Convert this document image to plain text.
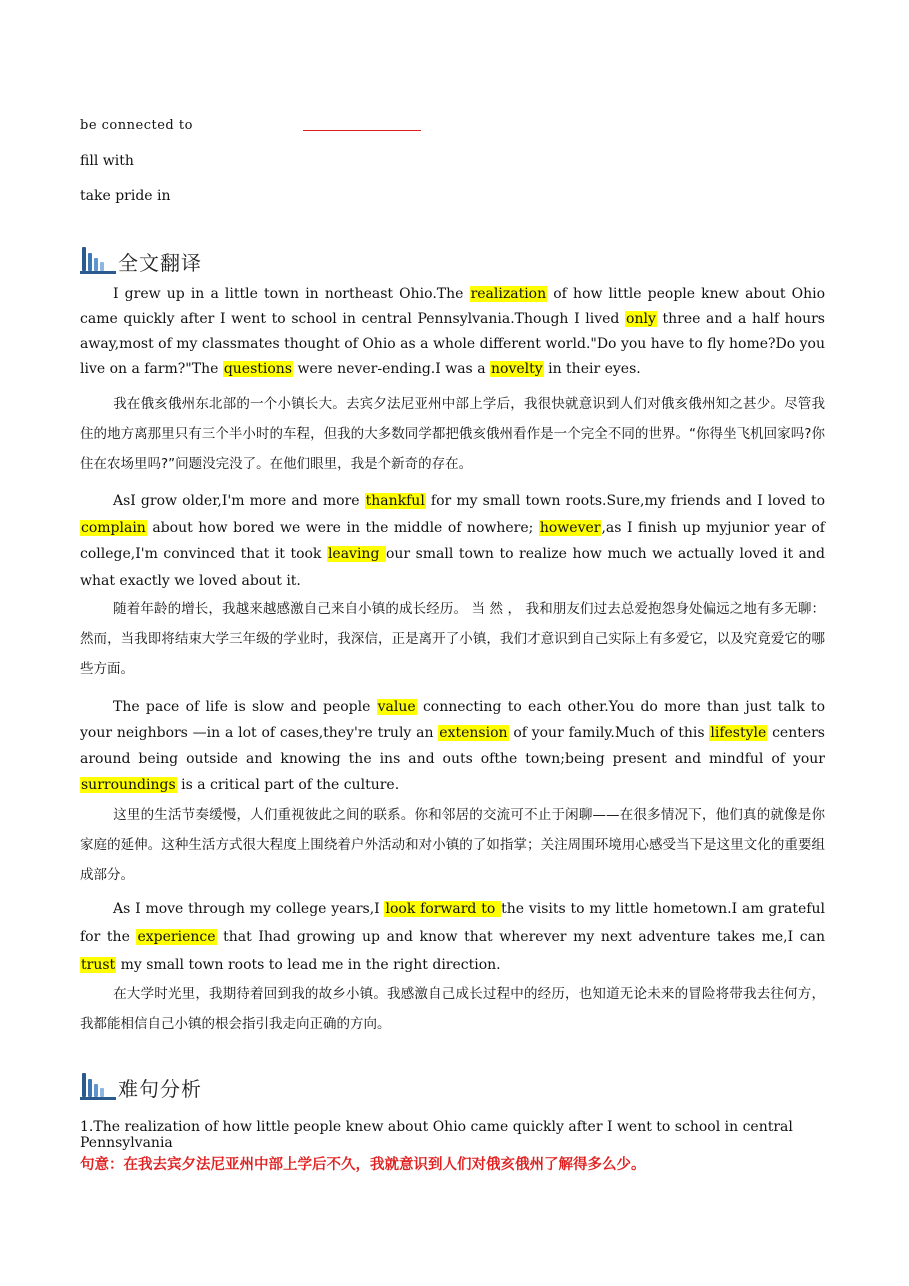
be connected to
fill with
take pride in
全文翻译
I grew up in a little town in northeast Ohio.The realization of how little people knew about Ohio came quickly after I went to school in central Pennsylvania.Though I lived only three and a half hours away,most of my classmates thought of Ohio as a whole different world."Do you have to fly home?Do you live on a farm?"The questions were never-ending.I was a novelty in their eyes.
我在俄亥俄州东北部的一个小镇长大。去宾夕法尼亚州中部上学后，我很快就意识到人们对俄亥俄州知之甚少。尽管我住的地方离那里只有三个半小时的车程，但我的大多数同学都把俄亥俄州看作是一个完全不同的世界。“你得坐飞机回家吗?你住在农场里吗?”问题没完没了。在他们眼里，我是个新奇的存在。
AsI grow older,I'm more and more thankful for my small town roots.Sure,my friends and I loved to complain about how bored we were in the middle of nowhere; however,as I finish up myjunior year of college,I'm convinced that it took leaving our small town to realize how much we actually loved it and what exactly we loved about it.
随着年龄的增长，我越来越感激自己来自小镇的成长经历。 当 然 ， 我和朋友们过去总爱抱怨身处偏远之地有多无聊：然而，当我即将结束大学三年级的学业时，我深信，正是离开了小镇，我们才意识到自己实际上有多爱它，以及究竟爱它的哪些方面。
The pace of life is slow and people value connecting to each other.You do more than just talk to your neighbors —in a lot of cases,they're truly an extension of your family.Much of this lifestyle centers around being outside and knowing the ins and outs ofthe town;being present and mindful of your surroundings is a critical part of the culture.
这里的生活节奏缓慢，人们重视彼此之间的联系。你和邻居的交流可不止于闲聊——在很多情况下，他们真的就像是你家庭的延伸。这种生活方式很大程度上围绕着户外活动和对小镇的了如指掌；关注周围环境用心感受当下是这里文化的重要组成部分。
As I move through my college years,I look forward to the visits to my little hometown.I am grateful for the experience that Ihad growing up and know that wherever my next adventure takes me,I can trust my small town roots to lead me in the right direction.
在大学时光里，我期待着回到我的故乡小镇。我感激自己成长过程中的经历，也知道无论未来的冒险将带我去往何方，我都能相信自己小镇的根会指引我走向正确的方向。
难句分析
1.The realization of how little people knew about Ohio came quickly after I went to school in central Pennsylvania
句意：在我去宾夕法尼亚州中部上学后不久，我就意识到人们对俄亥俄州了解得多么少。
